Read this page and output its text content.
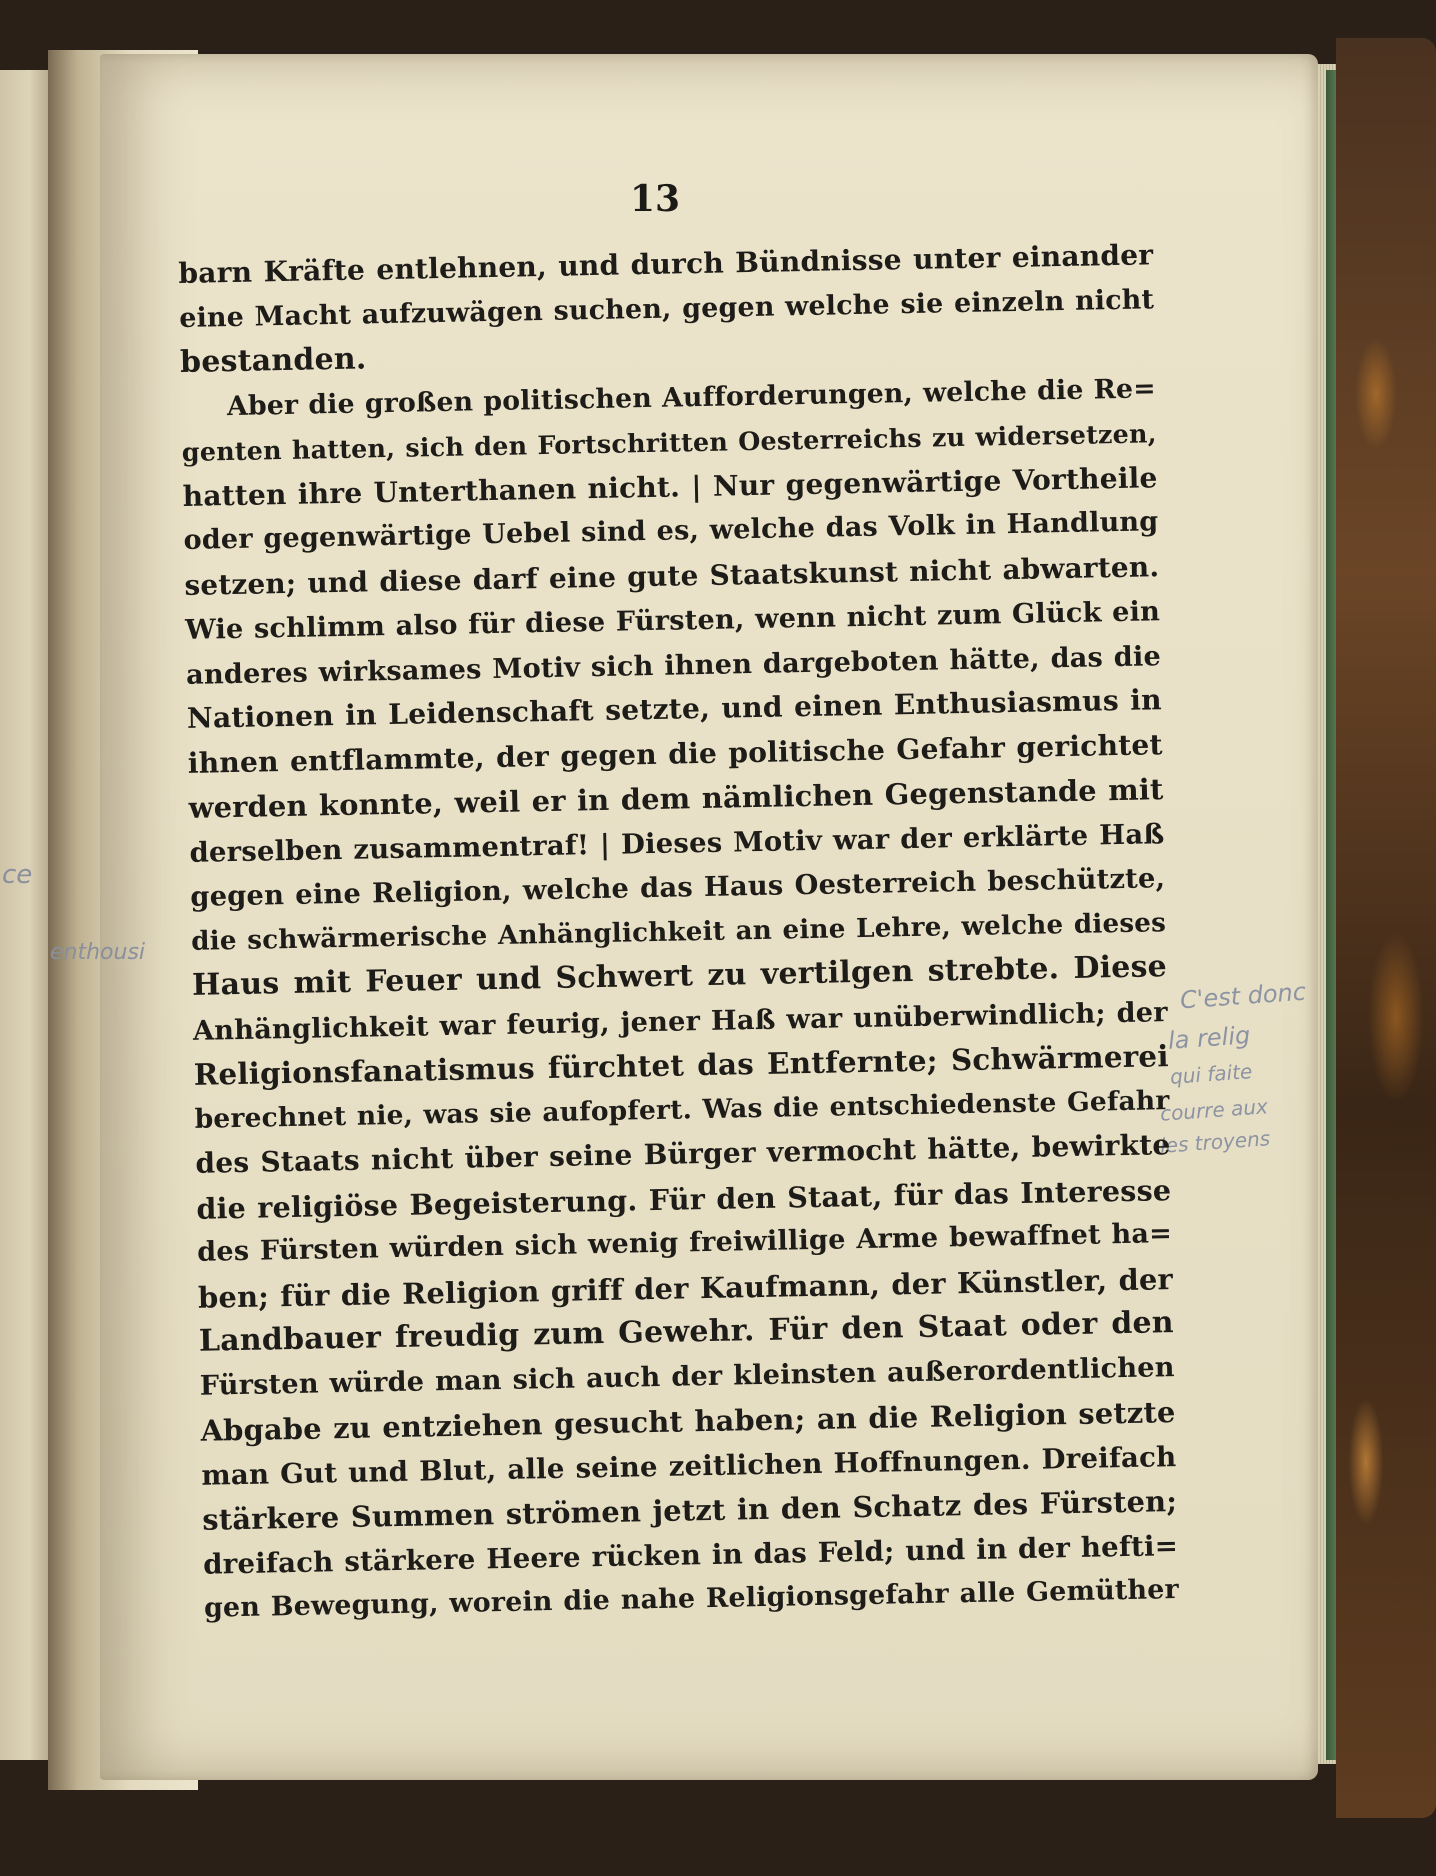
ce
enthousi
C'est donc
la relig
qui faite
courre aux
les troyens
13
barn Kräfte entlehnen, und durch Bündnisse unter einander
eine Macht aufzuwägen suchen, gegen welche sie einzeln nicht
bestanden.
Aber die großen politischen Aufforderungen, welche die Re=
genten hatten, sich den Fortschritten Oesterreichs zu widersetzen,
hatten ihre Unterthanen nicht. | Nur gegenwärtige Vortheile
oder gegenwärtige Uebel sind es, welche das Volk in Handlung
setzen; und diese darf eine gute Staatskunst nicht abwarten.
Wie schlimm also für diese Fürsten, wenn nicht zum Glück ein
anderes wirksames Motiv sich ihnen dargeboten hätte, das die
Nationen in Leidenschaft setzte, und einen Enthusiasmus in
ihnen entflammte, der gegen die politische Gefahr gerichtet
werden konnte, weil er in dem nämlichen Gegenstande mit
derselben zusammentraf! | Dieses Motiv war der erklärte Haß
gegen eine Religion, welche das Haus Oesterreich beschützte,
die schwärmerische Anhänglichkeit an eine Lehre, welche dieses
Haus mit Feuer und Schwert zu vertilgen strebte. Diese
Anhänglichkeit war feurig, jener Haß war unüberwindlich; der
Religionsfanatismus fürchtet das Entfernte; Schwärmerei
berechnet nie, was sie aufopfert. Was die entschiedenste Gefahr
des Staats nicht über seine Bürger vermocht hätte, bewirkte
die religiöse Begeisterung. Für den Staat, für das Interesse
des Fürsten würden sich wenig freiwillige Arme bewaffnet ha=
ben; für die Religion griff der Kaufmann, der Künstler, der
Landbauer freudig zum Gewehr. Für den Staat oder den
Fürsten würde man sich auch der kleinsten außerordentlichen
Abgabe zu entziehen gesucht haben; an die Religion setzte
man Gut und Blut, alle seine zeitlichen Hoffnungen. Dreifach
stärkere Summen strömen jetzt in den Schatz des Fürsten;
dreifach stärkere Heere rücken in das Feld; und in der hefti=
gen Bewegung, worein die nahe Religionsgefahr alle Gemüther
